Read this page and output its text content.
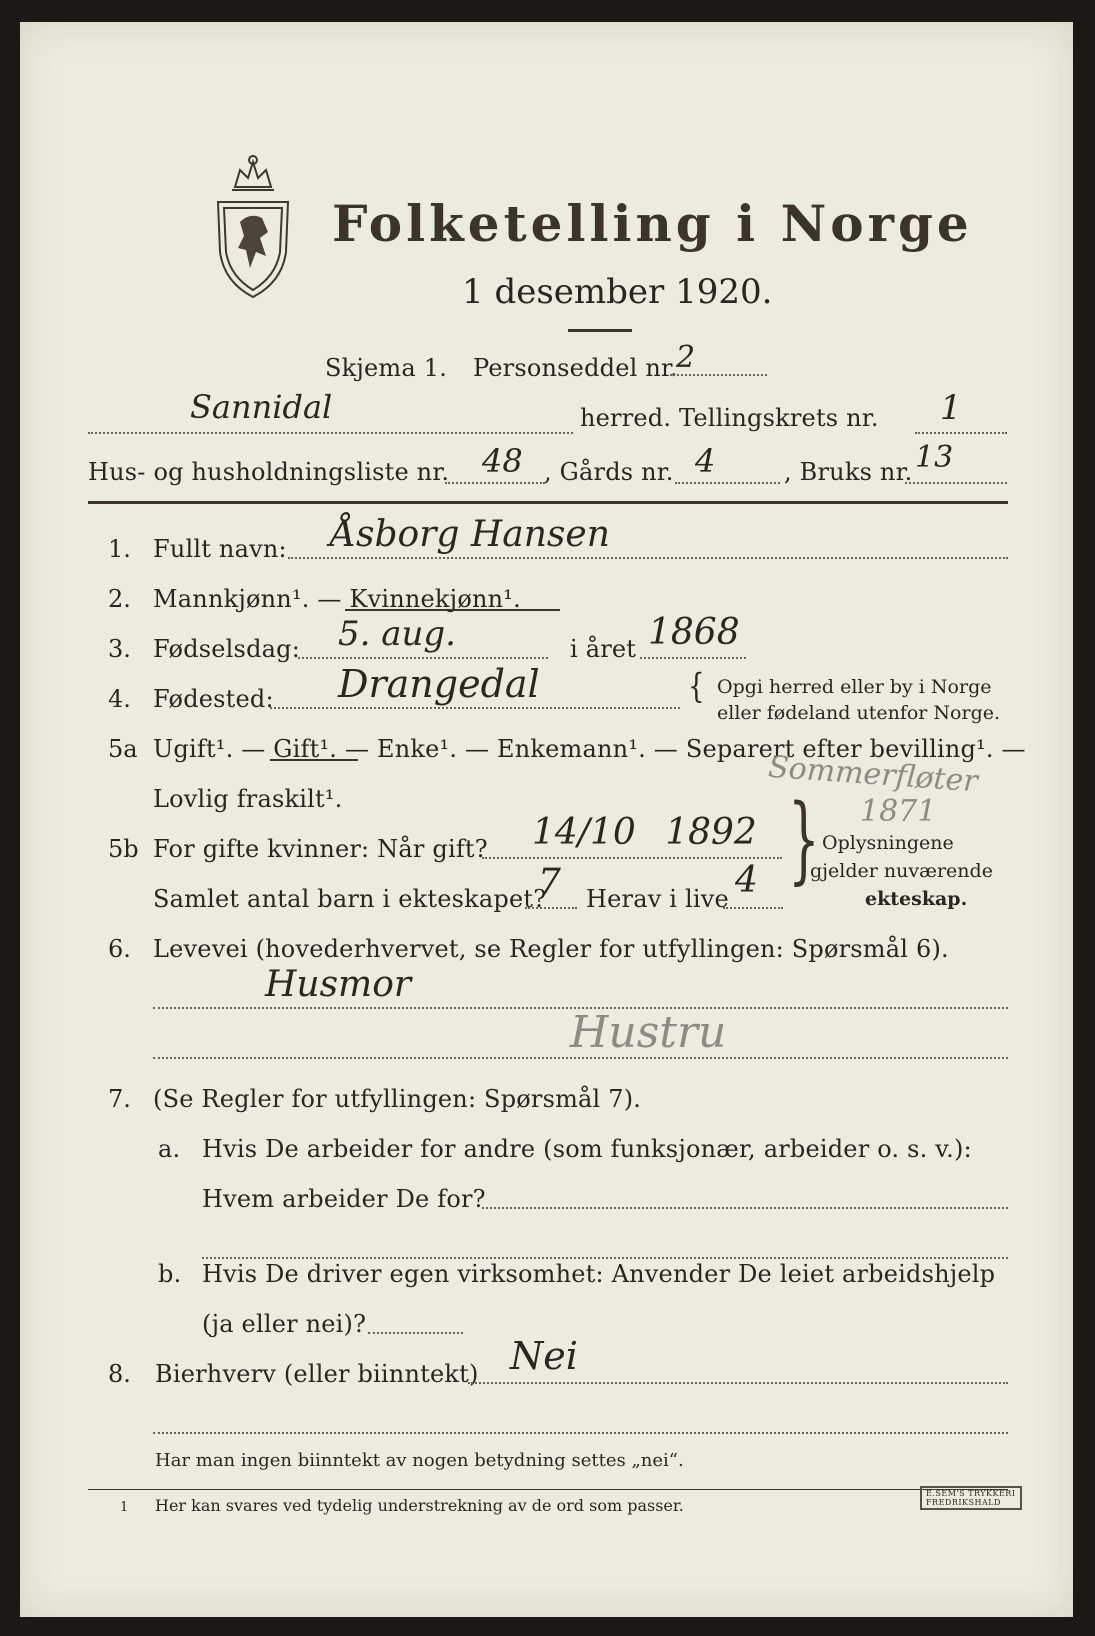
Folketelling i Norge
1 desember 1920.
Skjema 1. Personseddel nr.
2
Sannidal	herred. Tellingskrets nr. 1
Hus- og husholdningsliste nr. 48 , Gårds nr. 4	, Bruks nr. 13
1. Fullt navn: Åsborg Hansen
2. Mannkjønn¹. — Kvinnekjønn¹.
3. Fødselsdag: 5. aug.	i året 1868
4. Fødested: Drangedal	{ Opgi herred eller by i Norge
eller fødeland utenfor Norge.
5a Ugift¹. — Gift¹. — Enke¹. — Enkemann¹. — Separert efter bevilling¹. —
Lovlig fraskilt¹.	Sommerfløter
5b For gifte kvinner: Når gift? 14/10 1892
1871
Samlet antal barn i ekteskapet?
7 Herav i live 4 } Oplysningene
gjelder nuværende
ekteskap.
6. Levevei (hovederhvervet, se Regler for utfyllingen: Spørsmål 6).
Husmor
Hustru
7. (Se Regler for utfyllingen: Spørsmål 7).
a. Hvis De arbeider for andre (som funksjonær, arbeider o. s. v.):
Hvem arbeider De for?
b. Hvis De driver egen virksomhet: Anvender De leiet arbeidshjelp
(ja eller nei)?
8. Bierhverv (eller biinntekt) Nei
Har man ingen biinntekt av nogen betydning settes „nei“.
1 Her kan svares ved tydelig understrekning av de ord som passer.
E.SEM'S TRYKKERI
FREDRIKSHALD
